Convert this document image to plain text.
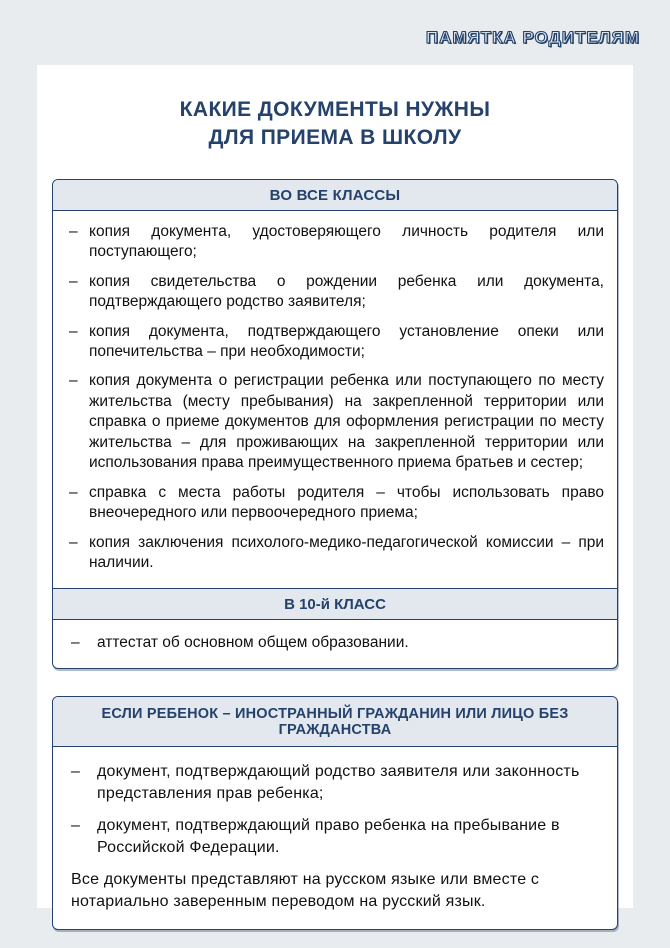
ПАМЯТКА РОДИТЕЛЯМ
КАКИЕ ДОКУМЕНТЫ НУЖНЫ
ДЛЯ ПРИЕМА В ШКОЛУ
ВО ВСЕ КЛАССЫ
– копия документа, удостоверяющего личность родителя или поступающего;
– копия свидетельства о рождении ребенка или документа, подтверждающего родство заявителя;
– копия документа, подтверждающего установление опеки или попечительства – при необходимости;
– копия документа о регистрации ребенка или поступающего по месту жительства (месту пребывания) на закрепленной территории или справка о приеме документов для оформления регистрации по месту жительства – для проживающих на закрепленной территории или использования права преимущественного приема братьев и сестер;
– справка с места работы родителя – чтобы использовать право внеочередного или первоочередного приема;
– копия заключения психолого-медико-педагогической комиссии – при наличии.
В 10-й КЛАСС
– аттестат об основном общем образовании.
ЕСЛИ РЕБЕНОК – ИНОСТРАННЫЙ ГРАЖДАНИН ИЛИ ЛИЦО БЕЗ ГРАЖДАНСТВА
– документ, подтверждающий родство заявителя или законность представления прав ребенка;
– документ, подтверждающий право ребенка на пребывание в Российской Федерации.
Все документы представляют на русском языке или вместе с нотариально заверенным переводом на русский язык.
